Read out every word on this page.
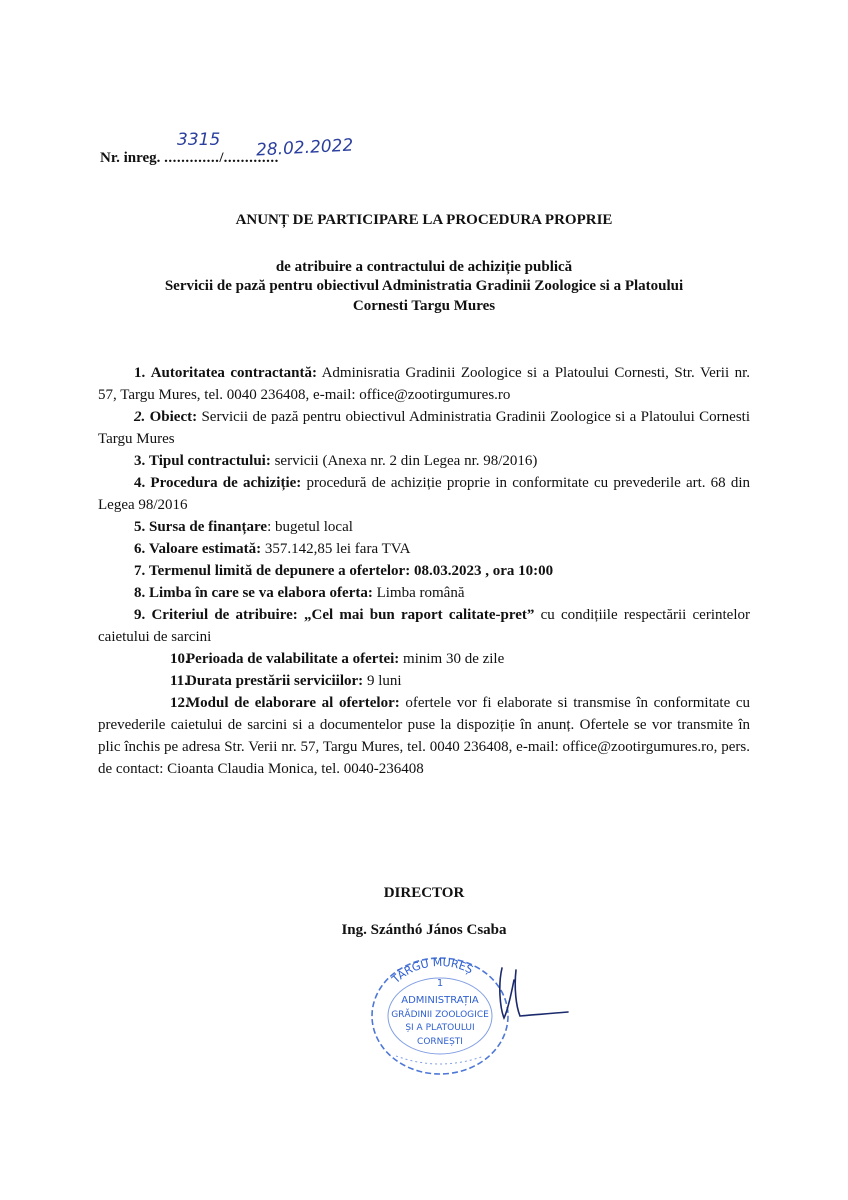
Nr. inreg. ............./.............
3315 28.02.2022
ANUNȚ DE PARTICIPARE LA PROCEDURA PROPRIE
de atribuire a contractului de achiziție publică
Servicii de pază pentru obiectivul Administratia Gradinii Zoologice si a Platoului
Cornesti Targu Mures

1. Autoritatea contractantă: Adminisratia Gradinii Zoologice si a Platoului Cornesti, Str. Verii nr. 57, Targu Mures, tel. 0040 236408, e-mail: office@zootirgumures.ro

2. Obiect: Servicii de pază pentru obiectivul Administratia Gradinii Zoologice si a Platoului Cornesti Targu Mures

3. Tipul contractului: servicii (Anexa nr. 2 din Legea nr. 98/2016)

4. Procedura de achiziție: procedură de achiziție proprie in conformitate cu prevederile art. 68 din Legea 98/2016

5. Sursa de finanțare: bugetul local

6. Valoare estimată: 357.142,85 lei fara TVA

7. Termenul limită de depunere a ofertelor: 08.03.2023 , ora 10:00

8. Limba în care se va elabora oferta: Limba română

9. Criteriul de atribuire: „Cel mai bun raport calitate-pret” cu condițiile respectării cerintelor caietului de sarcini

10.Perioada de valabilitate a ofertei: minim 30 de zile

11.Durata prestării serviciilor: 9 luni

12.Modul de elaborare al ofertelor: ofertele vor fi elaborate si transmise în conformitate cu prevederile caietului de sarcini si a documentelor puse la dispoziție în anunț. Ofertele se vor transmite în plic închis pe adresa Str. Verii nr. 57, Targu Mures, tel. 0040 236408, e-mail: office@zootirgumures.ro, pers. de contact: Cioanta Claudia Monica, tel. 0040-236408

DIRECTOR
Ing. Szánthó János Csaba
TÂRGU MUREȘ
1
ADMINISTRAȚIA
GRĂDINII ZOOLOGICE
ȘI A PLATOULUI
CORNEȘTI
